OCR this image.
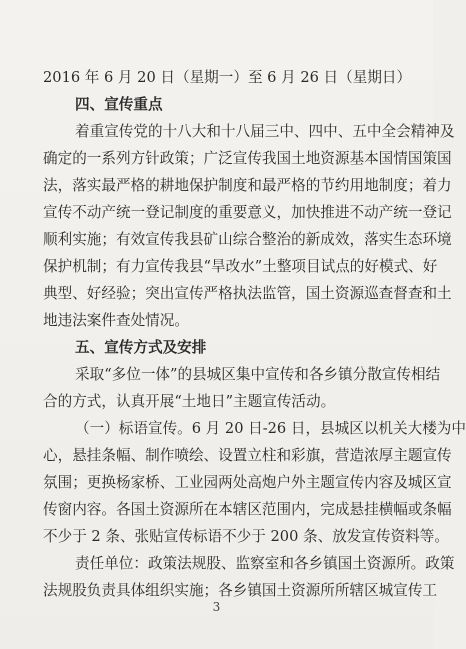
2016 年 6 月 20 日（星期一）至 6 月 26 日（星期日）
四、宣传重点
着重宣传党的十八大和十八届三中、四中、五中全会精神及
确定的一系列方针政策；广泛宣传我国土地资源基本国情国策国
法，落实最严格的耕地保护制度和最严格的节约用地制度；着力
宣传不动产统一登记制度的重要意义，加快推进不动产统一登记
顺利实施；有效宣传我县矿山综合整治的新成效，落实生态环境
保护机制；有力宣传我县“旱改水”土整项目试点的好模式、好
典型、好经验；突出宣传严格执法监管，国土资源巡查督查和土
地违法案件查处情况。
五、宣传方式及安排
采取“多位一体”的县城区集中宣传和各乡镇分散宣传相结
合的方式，认真开展“土地日”主题宣传活动。
（一）标语宣传。6 月 20 日-26 日，县城区以机关大楼为中
心，悬挂条幅、制作喷绘、设置立柱和彩旗，营造浓厚主题宣传
氛围；更换杨家桥、工业园两处高炮户外主题宣传内容及城区宣
传窗内容。各国土资源所在本辖区范围内，完成悬挂横幅或条幅
不少于 2 条、张贴宣传标语不少于 200 条、放发宣传资料等。
责任单位：政策法规股、监察室和各乡镇国土资源所。政策
法规股负责具体组织实施；各乡镇国土资源所所辖区城宣传工
3
